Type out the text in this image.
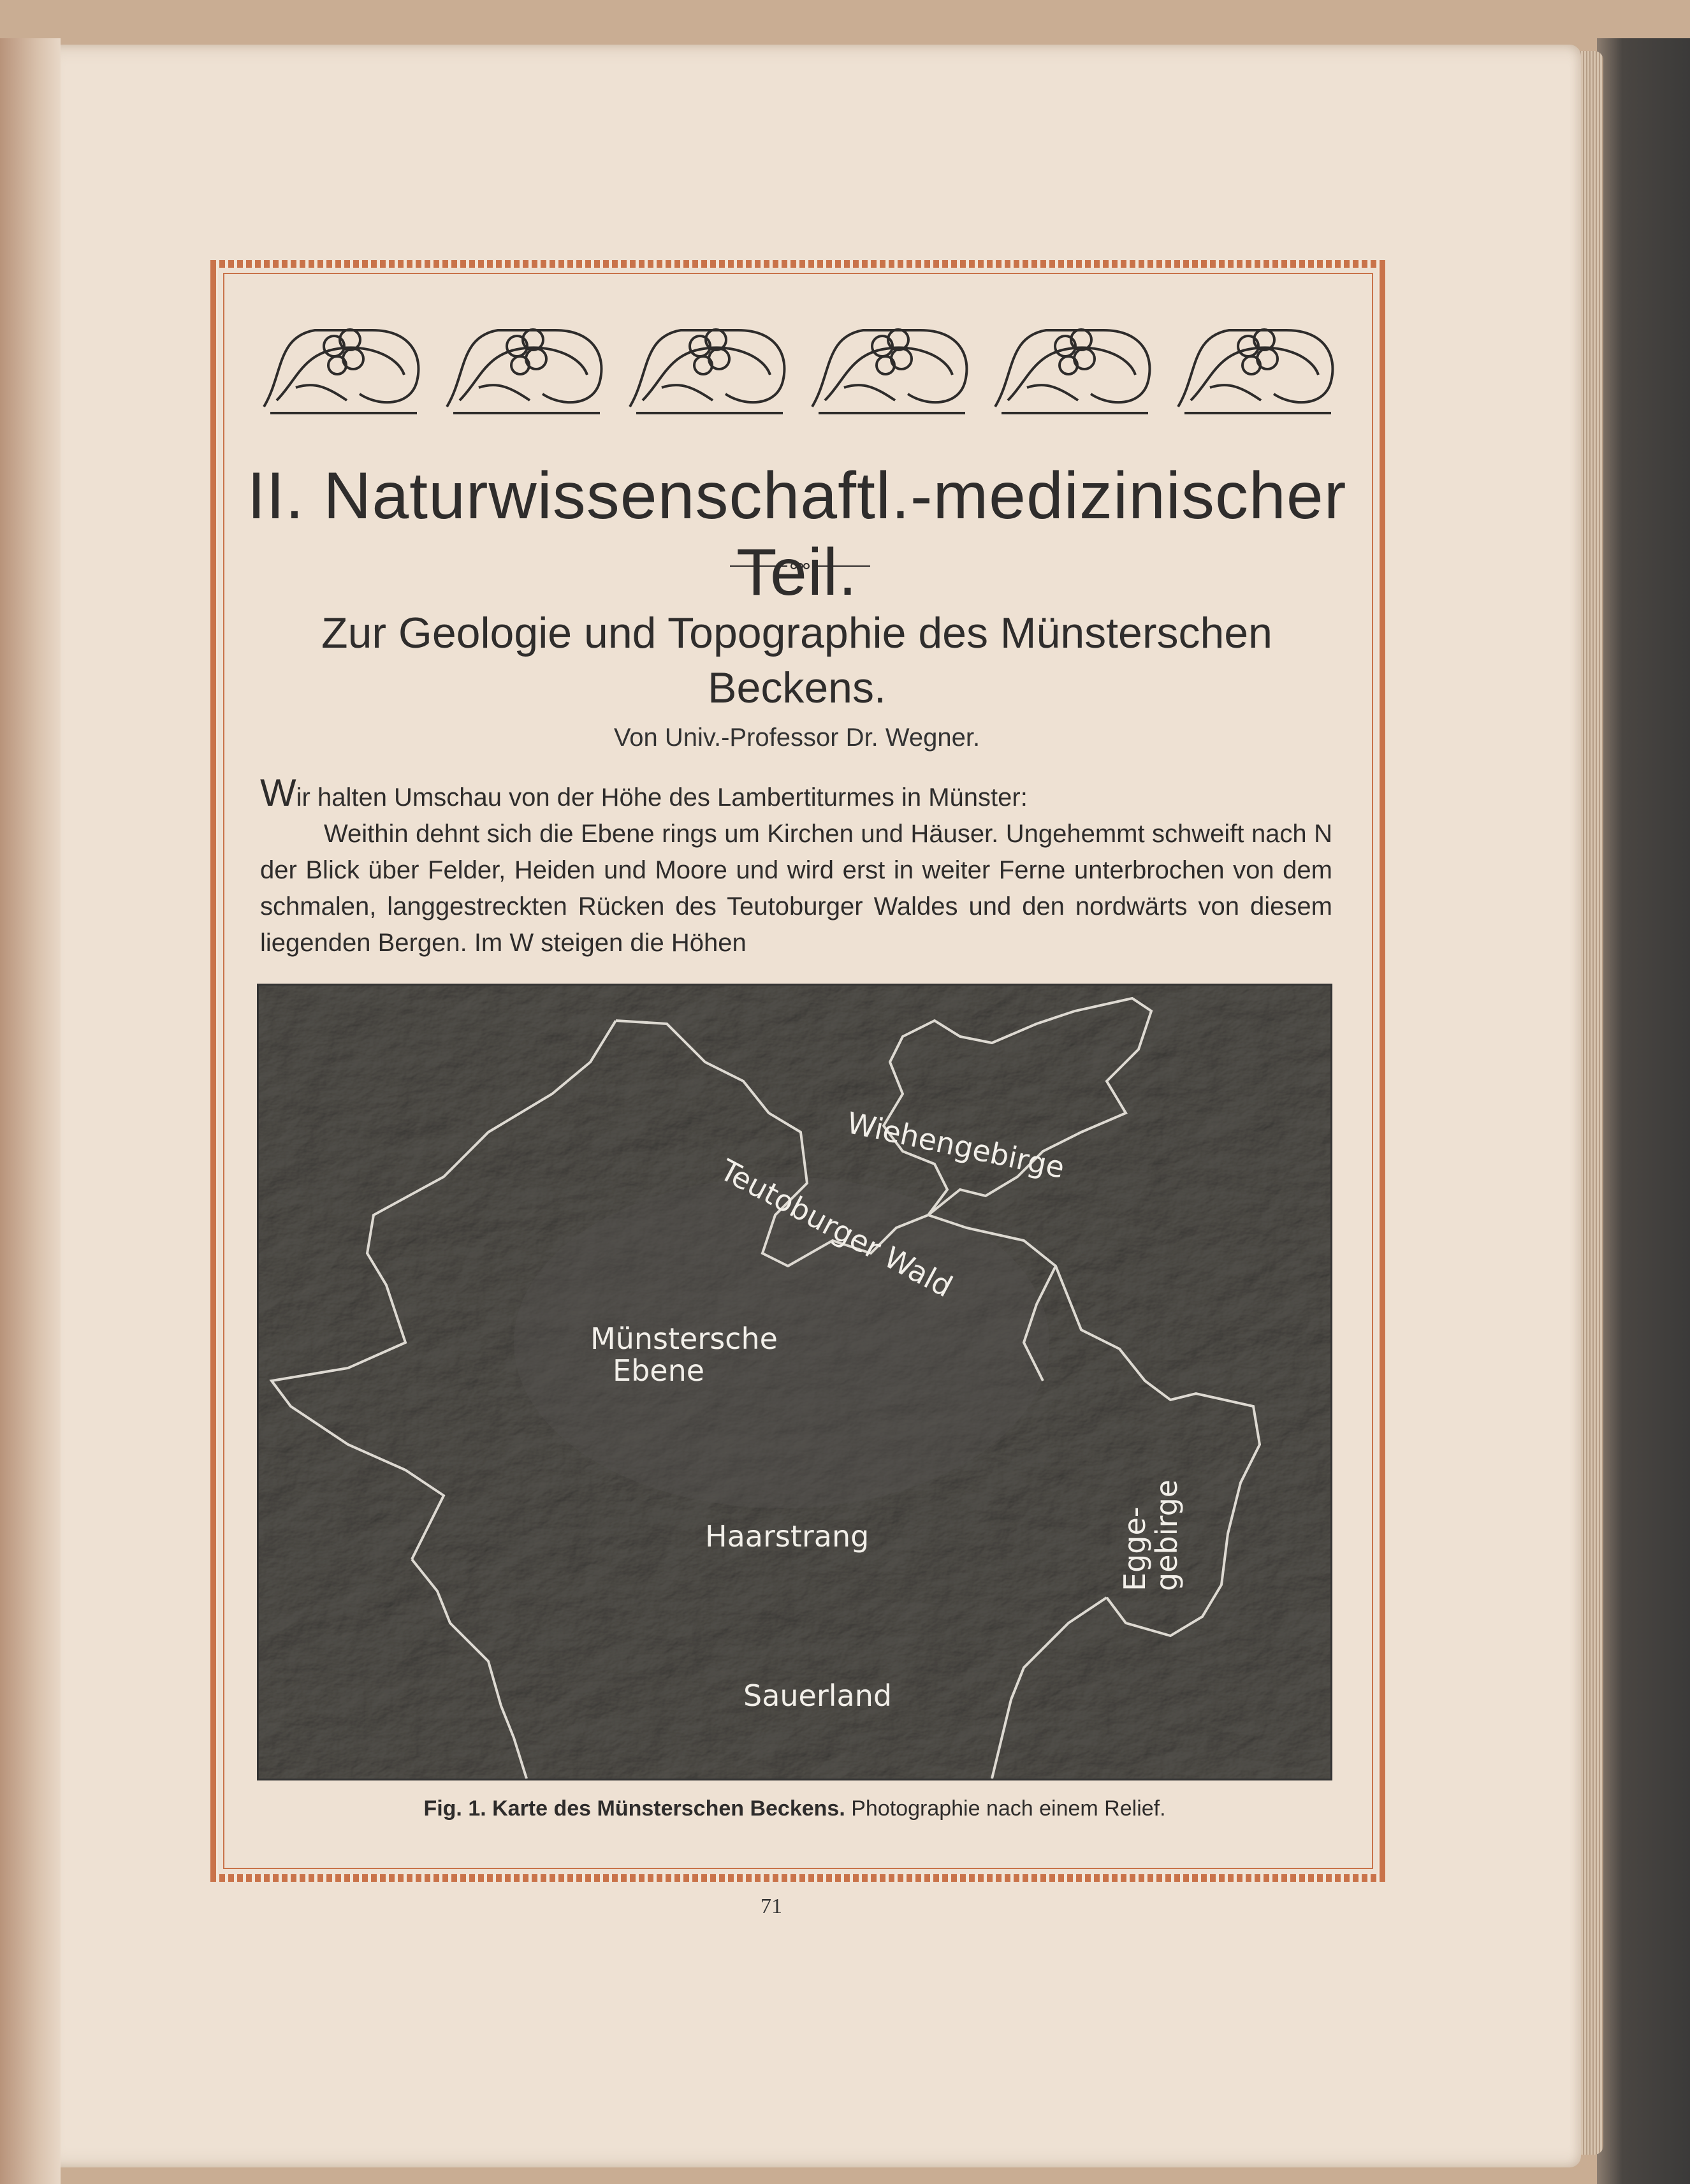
II. Naturwissenschaftl.-medizinischer Teil.
Zur Geologie und Topographie des Münsterschen
Beckens.
Von Univ.-Professor Dr. Wegner.

Wir halten Umschau von der Höhe des Lambertiturmes in Münster:

Weithin dehnt sich die Ebene rings um Kirchen und Häuser. Ungehemmt schweift nach N der Blick über Felder, Heiden und Moore und wird erst in weiter Ferne unterbrochen von dem schmalen, langgestreckten Rücken des Teutoburger Waldes und den nordwärts von diesem liegenden Bergen. Im W steigen die Höhen

Wiehengebirge
Teutoburger Wald
Münstersche
Ebene
Haarstrang
Sauerland
Egge-
gebirge
Fig. 1. Karte des Münsterschen Beckens. Photographie nach einem Relief.
71
